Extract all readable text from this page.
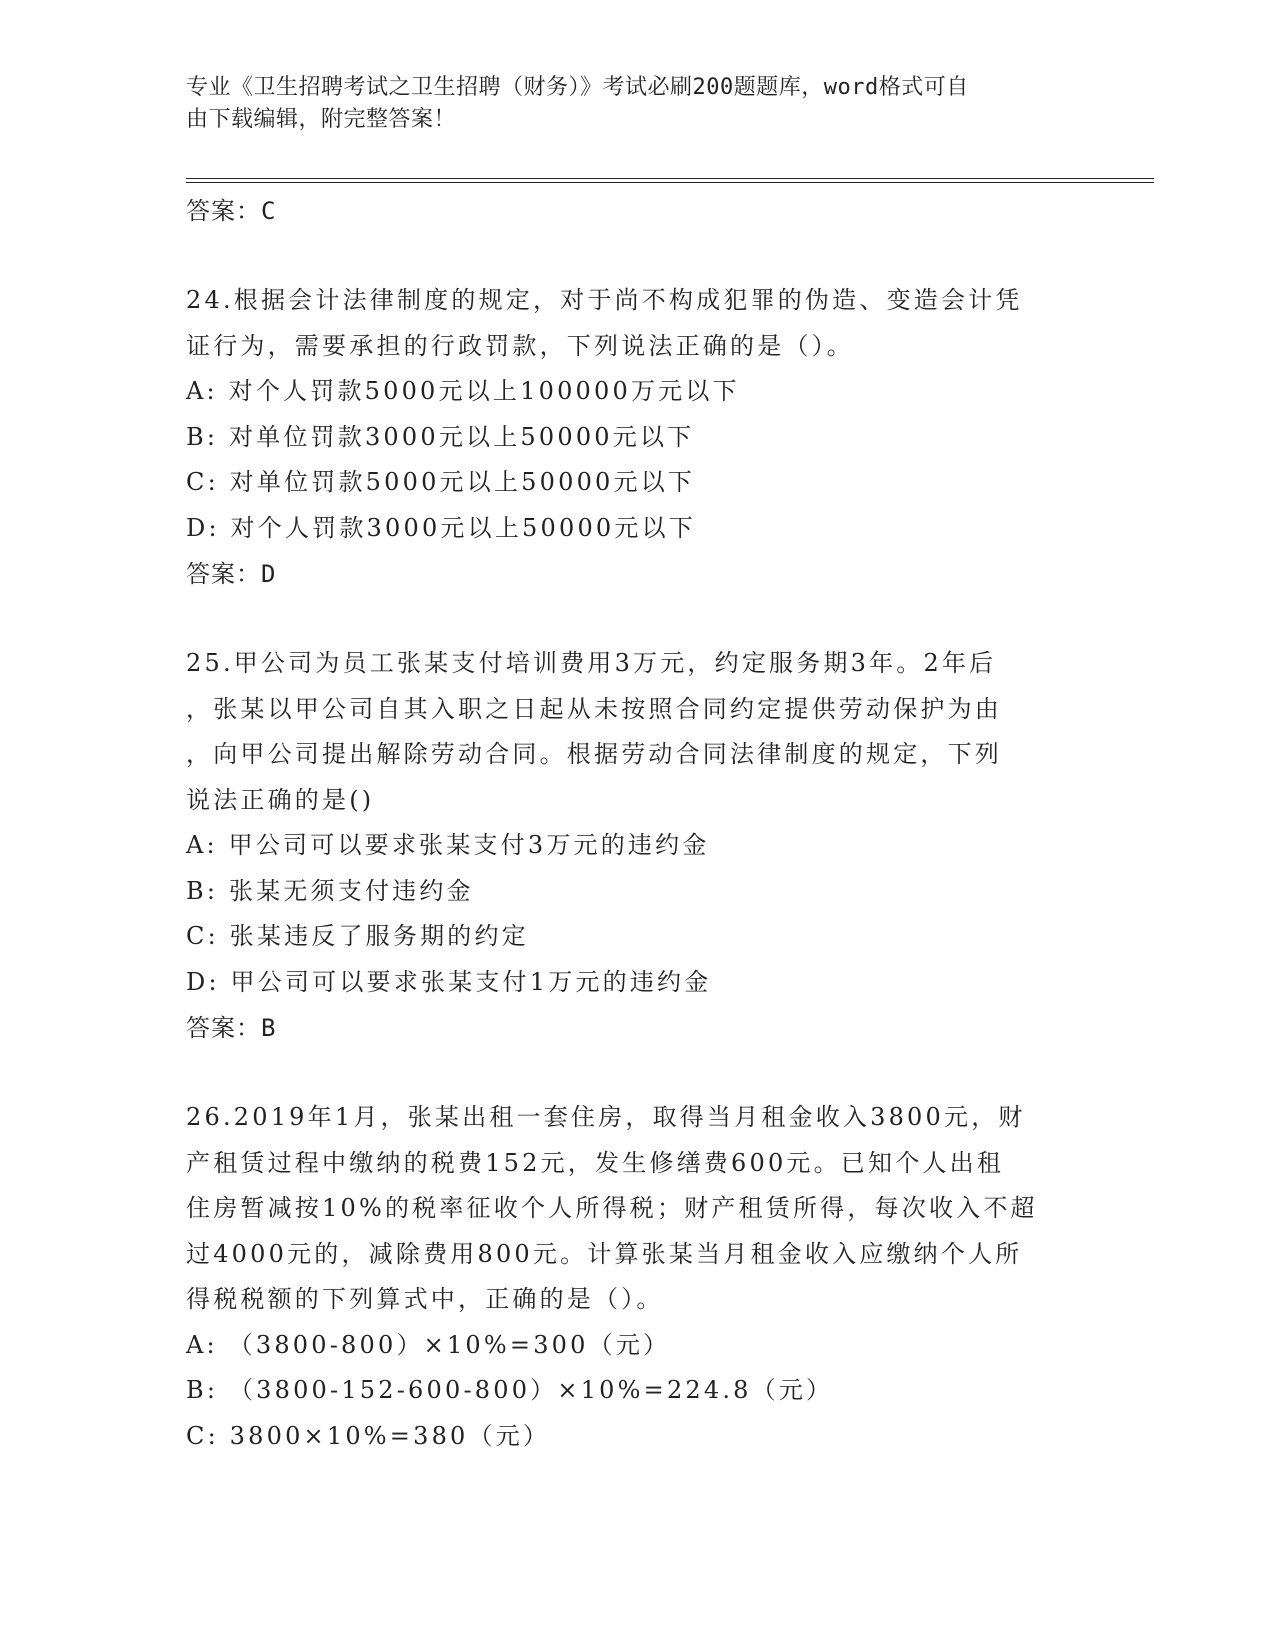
专业《卫生招聘考试之卫生招聘（财务）》考试必刷200题题库，word格式可自
由下载编辑，附完整答案！
答案：C
24.根据会计法律制度的规定，对于尚不构成犯罪的伪造、变造会计凭
证行为，需要承担的行政罚款，下列说法正确的是（）。
A: 对个人罚款5000元以上100000万元以下
B: 对单位罚款3000元以上50000元以下
C: 对单位罚款5000元以上50000元以下
D: 对个人罚款3000元以上50000元以下
答案：D
25.甲公司为员工张某支付培训费用3万元，约定服务期3年。2年后
，张某以甲公司自其入职之日起从未按照合同约定提供劳动保护为由
，向甲公司提出解除劳动合同。根据劳动合同法律制度的规定，下列
说法正确的是()
A: 甲公司可以要求张某支付3万元的违约金
B: 张某无须支付违约金
C: 张某违反了服务期的约定
D: 甲公司可以要求张某支付1万元的违约金
答案：B
26.2019年1月，张某出租一套住房，取得当月租金收入3800元，财
产租赁过程中缴纳的税费152元，发生修缮费600元。已知个人出租
住房暂减按10%的税率征收个人所得税；财产租赁所得，每次收入不超
过4000元的，减除费用800元。计算张某当月租金收入应缴纳个人所
得税税额的下列算式中，正确的是（）。
A: （3800-800）×10%=300（元）
B: （3800-152-600-800）×10%=224.8（元）
C: 3800×10%=380（元）
